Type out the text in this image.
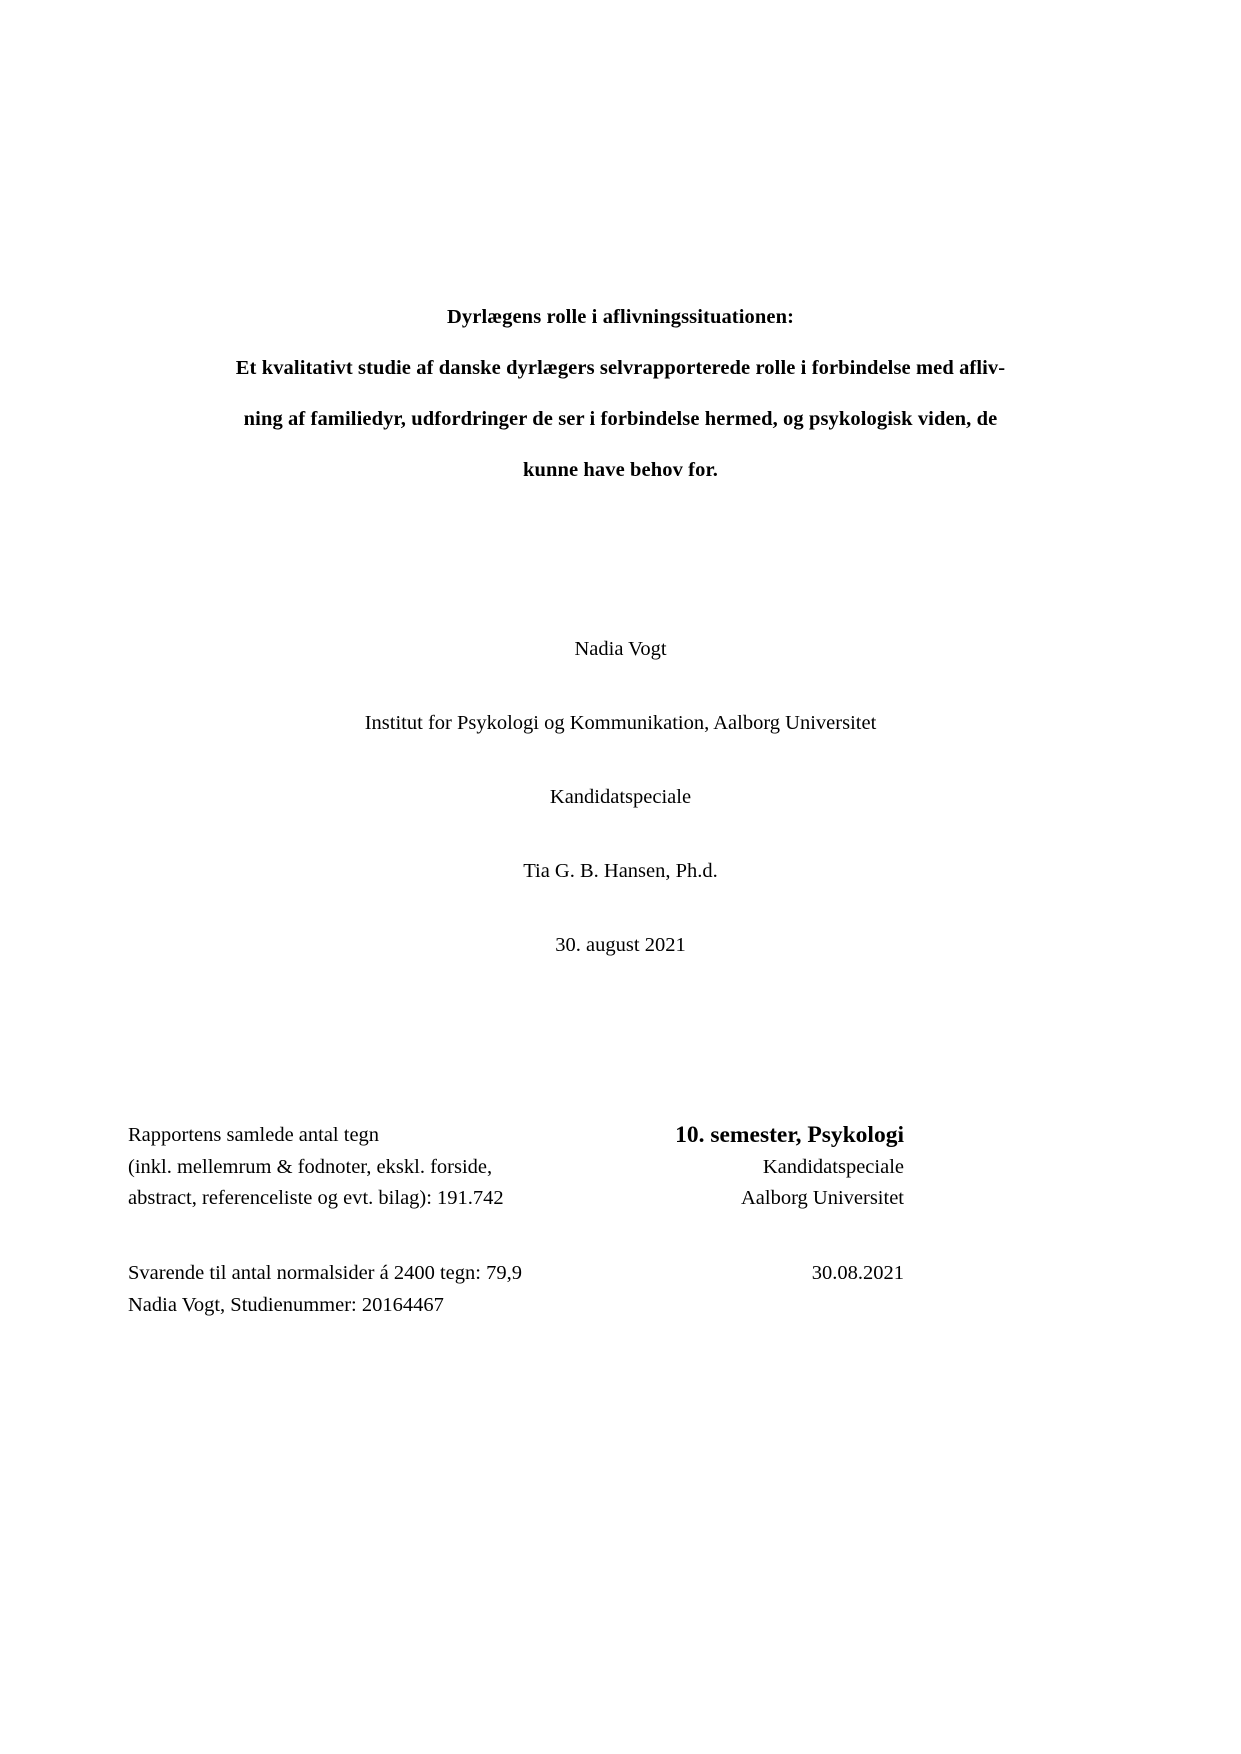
Dyrlægens rolle i aflivningssituationen:
Et kvalitativt studie af danske dyrlægers selvrapporterede rolle i forbindelse med afliv-
ning af familiedyr, udfordringer de ser i forbindelse hermed, og psykologisk viden, de
kunne have behov for.
Nadia Vogt
Institut for Psykologi og Kommunikation, Aalborg Universitet
Kandidatspeciale
Tia G. B. Hansen, Ph.d.
30. august 2021
Rapportens samlede antal tegn
(inkl. mellemrum & fodnoter, ekskl. forside,
abstract, referenceliste og evt. bilag): 191.742
10. semester, Psykologi
Kandidatspeciale
Aalborg Universitet
Svarende til antal normalsider á 2400 tegn: 79,9
Nadia Vogt, Studienummer: 20164467
30.08.2021
